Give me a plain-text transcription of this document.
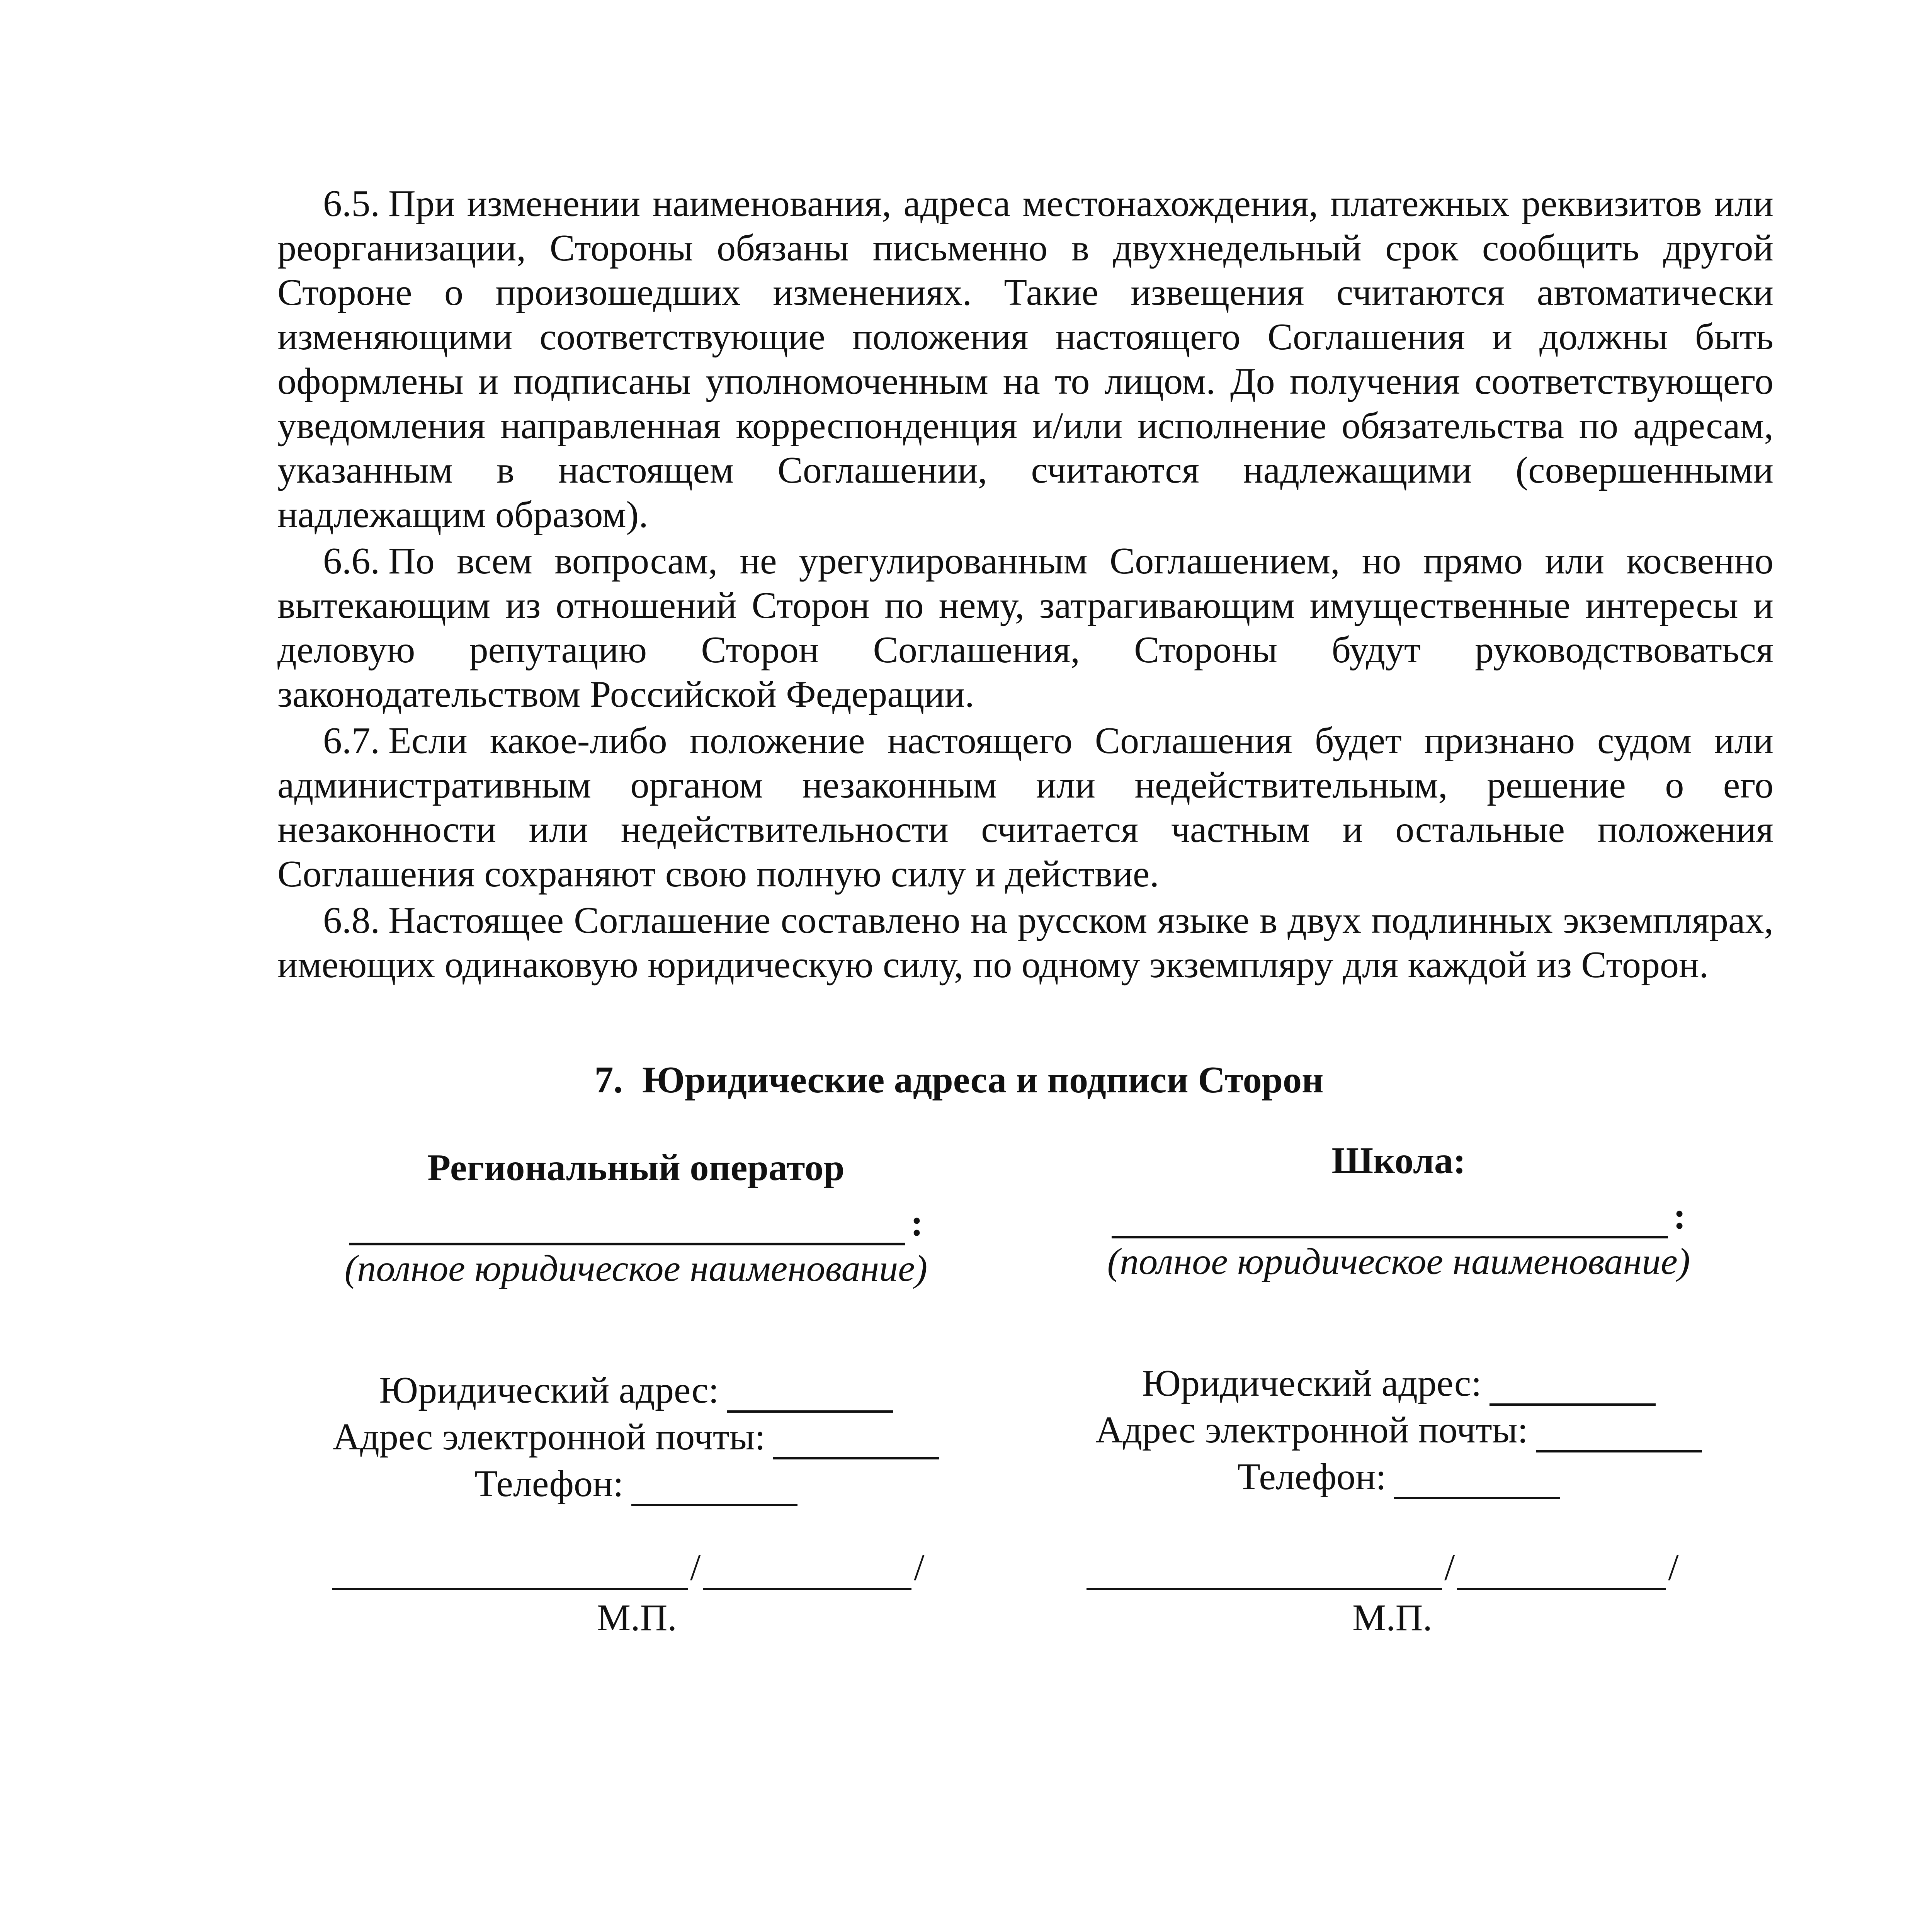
6.5. При изменении наименования, адреса местонахождения, платежных реквизитов или реорганизации, Стороны обязаны письменно в двухнедельный срок сообщить другой Стороне о произошедших изменениях. Такие извещения считаются автоматически изменяющими соответствующие положения настоящего Соглашения и должны быть оформлены и подписаны уполномоченным на то лицом. До получения соответствующего уведомления направленная корреспонденция и/или исполнение обязательства по адресам, указанным в настоящем Соглашении, считаются надлежащими (совершенными надлежащим образом).

6.6. По всем вопросам, не урегулированным Соглашением, но прямо или косвенно вытекающим из отношений Сторон по нему, затрагивающим имущественные интересы и деловую репутацию Сторон Соглашения, Стороны будут руководствоваться законодательством Российской Федерации.

6.7. Если какое-либо положение настоящего Соглашения будет признано судом или административным органом незаконным или недействительным, решение о его незаконности или недействительности считается частным и остальные положения Соглашения сохраняют свою полную силу и действие.

6.8. Настоящее Соглашение составлено на русском языке в двух подлинных экземплярах, имеющих одинаковую юридическую силу, по одному экземпляру для каждой из Сторон.

7. Юридические адреса и подписи Сторон
Региональный оператор
:
(полное юридическое наименование)
Юридический адрес:
Адрес электронной почты:
Телефон:
Школа:
:
(полное юридическое наименование)
Юридический адрес:
Адрес электронной почты:
Телефон:
/	/
М.П.
/	/
М.П.
